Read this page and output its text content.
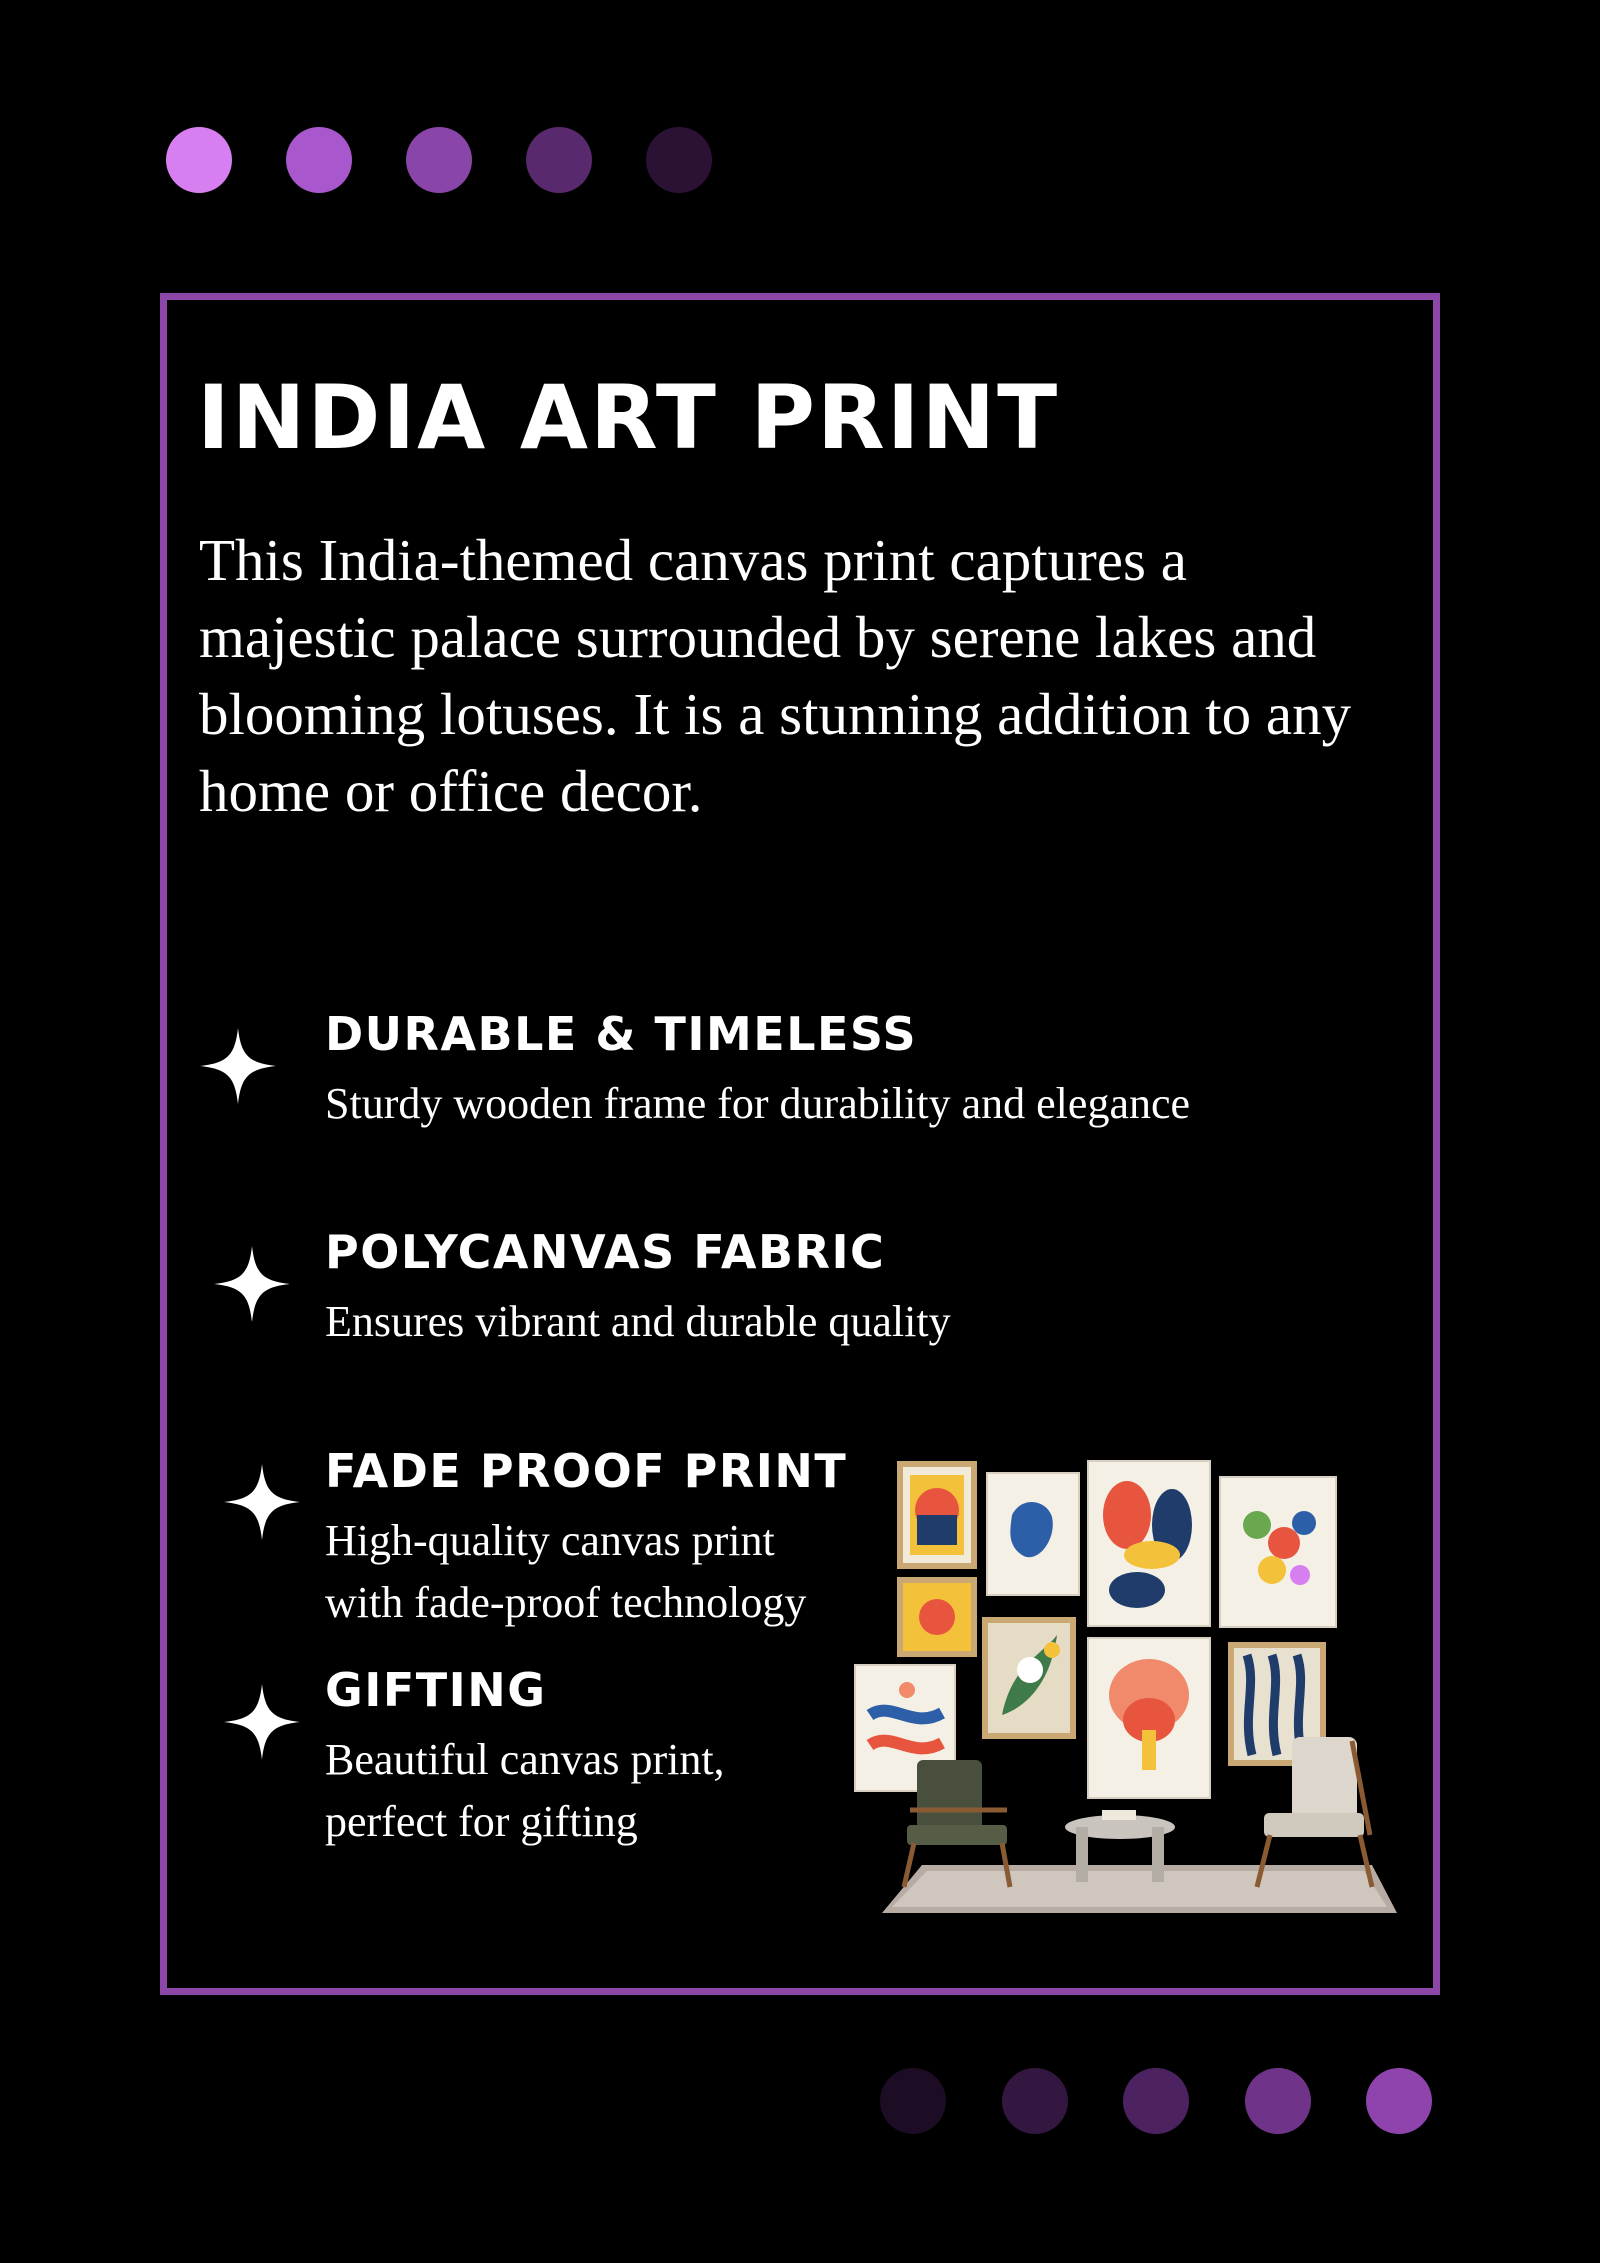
INDIA ART PRINT

This India-themed canvas print captures a majestic palace surrounded by serene lakes and blooming lotuses. It is a stunning addition to any home or office decor.

DURABLE & TIMELESS
Sturdy wooden frame for durability and elegance
POLYCANVAS FABRIC
Ensures vibrant and durable quality
FADE PROOF PRINT
High-quality canvas print
with fade-proof technology
GIFTING
Beautiful canvas print,
perfect for gifting
